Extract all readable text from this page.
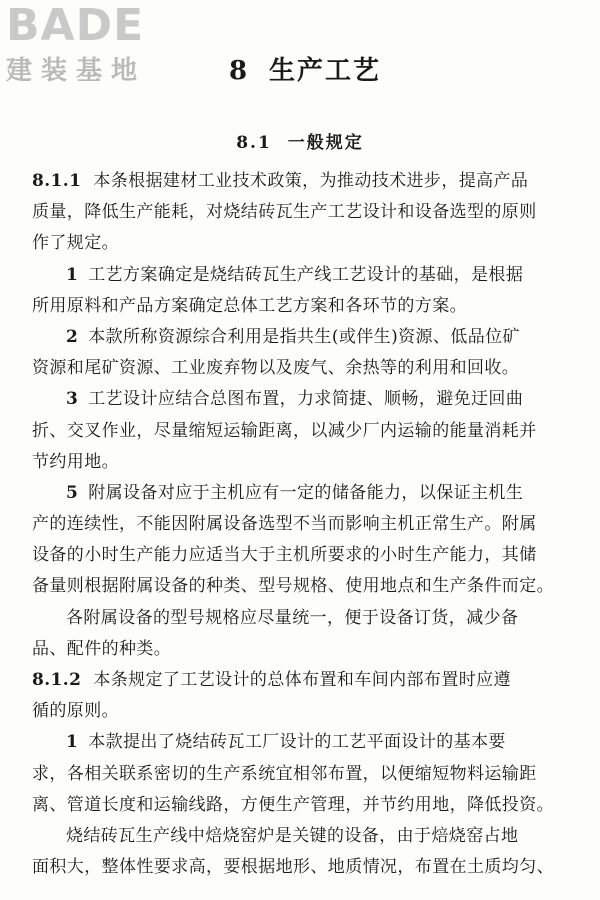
BADE
建装基地	8 生产工艺
8.1 一般规定
8.1.1 本条根据建材工业技术政策，为推动技术进步，提高产品
质量，降低生产能耗，对烧结砖瓦生产工艺设计和设备选型的原则
作了规定。
1 工艺方案确定是烧结砖瓦生产线工艺设计的基础，是根据
所用原料和产品方案确定总体工艺方案和各环节的方案。
2 本款所称资源综合利用是指共生(或伴生)资源、低品位矿
资源和尾矿资源、工业废弃物以及废气、余热等的利用和回收。
3 工艺设计应结合总图布置，力求简捷、顺畅，避免迂回曲
折、交叉作业，尽量缩短运输距离，以减少厂内运输的能量消耗并
节约用地。
5 附属设备对应于主机应有一定的储备能力，以保证主机生
产的连续性，不能因附属设备选型不当而影响主机正常生产。附属
设备的小时生产能力应适当大于主机所要求的小时生产能力，其储
备量则根据附属设备的种类、型号规格、使用地点和生产条件而定。
各附属设备的型号规格应尽量统一，便于设备订货，减少备
品、配件的种类。
8.1.2 本条规定了工艺设计的总体布置和车间内部布置时应遵
循的原则。
1 本款提出了烧结砖瓦工厂设计的工艺平面设计的基本要
求，各相关联系密切的生产系统宜相邻布置，以便缩短物料运输距
离、管道长度和运输线路，方便生产管理，并节约用地，降低投资。
烧结砖瓦生产线中焙烧窑炉是关键的设备，由于焙烧窑占地
面积大，整体性要求高，要根据地形、地质情况，布置在土质均匀、
